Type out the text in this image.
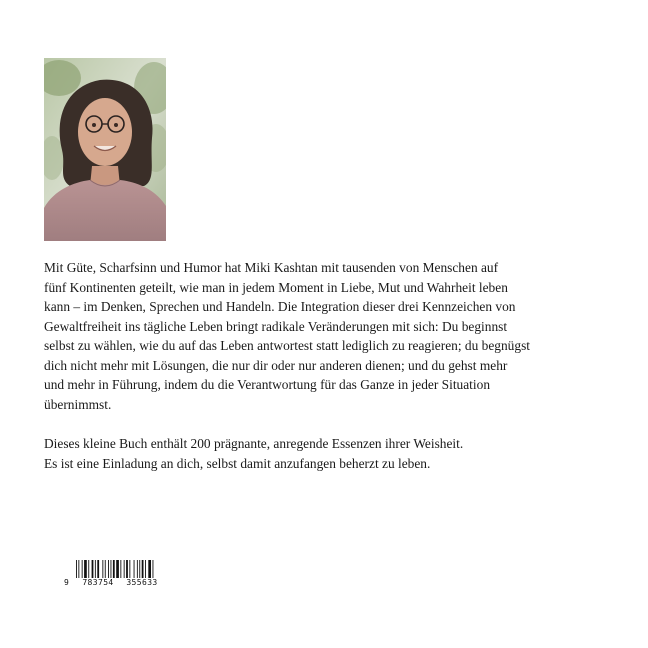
Mit Güte, Scharfsinn und Humor hat Miki Kashtan mit tausenden von Menschen auf
fünf Kontinenten geteilt, wie man in jedem Moment in Liebe, Mut und Wahrheit leben
kann – im Denken, Sprechen und Handeln. Die Integration dieser drei Kennzeichen von
Gewaltfreiheit ins tägliche Leben bringt radikale Veränderungen mit sich: Du beginnst
selbst zu wählen, wie du auf das Leben antwortest statt lediglich zu reagieren; du begnügst
dich nicht mehr mit Lösungen, die nur dir oder nur anderen dienen; und du gehst mehr
und mehr in Führung, indem du die Verantwortung für das Ganze in jeder Situation
übernimmst.

Dieses kleine Buch enthält 200 prägnante, anregende Essenzen ihrer Weisheit.
Es ist eine Einladung an dich, selbst damit anzufangen beherzt zu leben.

9	783754	355633
